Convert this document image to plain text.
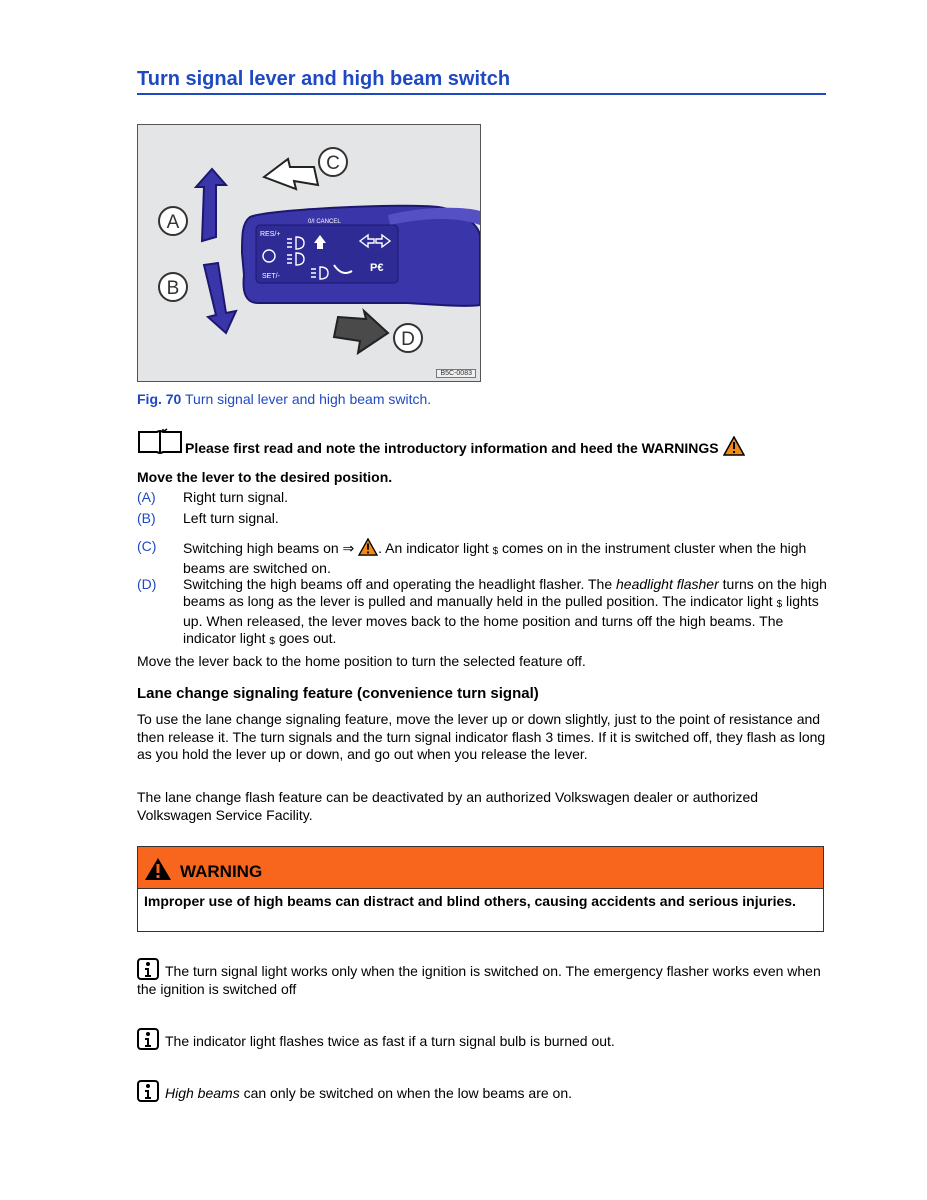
Turn signal lever and high beam switch
RES/+
0/I CANCEL
SET/-
P€
A
B
C
D
B5C-0083
Fig. 70 Turn signal lever and high beam switch.
Please first read and note the introductory information and heed the WARNINGS
Move the lever to the desired position.
(A) Right turn signal.
(B) Left turn signal.
(C) Switching high beams on ⇒ . An indicator light $ comes on in the instrument cluster when the high beams are switched on.
(D) Switching the high beams off and operating the headlight flasher. The headlight flasher turns on the high beams as long as the lever is pulled and manually held in the pulled position. The indicator light $ lights up. When released, the lever moves back to the home position and turns off the high beams. The indicator light $ goes out.
Move the lever back to the home position to turn the selected feature off.
Lane change signaling feature (convenience turn signal)
To use the lane change signaling feature, move the lever up or down slightly, just to the point of resistance and then release it. The turn signals and the turn signal indicator flash 3 times. If it is switched off, they flash as long as you hold the lever up or down, and go out when you release the lever.
The lane change flash feature can be deactivated by an authorized Volkswagen dealer or authorized Volkswagen Service Facility.
WARNING
Improper use of high beams can distract and blind others, causing accidents and serious injuries.
The turn signal light works only when the ignition is switched on. The emergency flasher works even when the ignition is switched off
The indicator light flashes twice as fast if a turn signal bulb is burned out.
High beams can only be switched on when the low beams are on.
